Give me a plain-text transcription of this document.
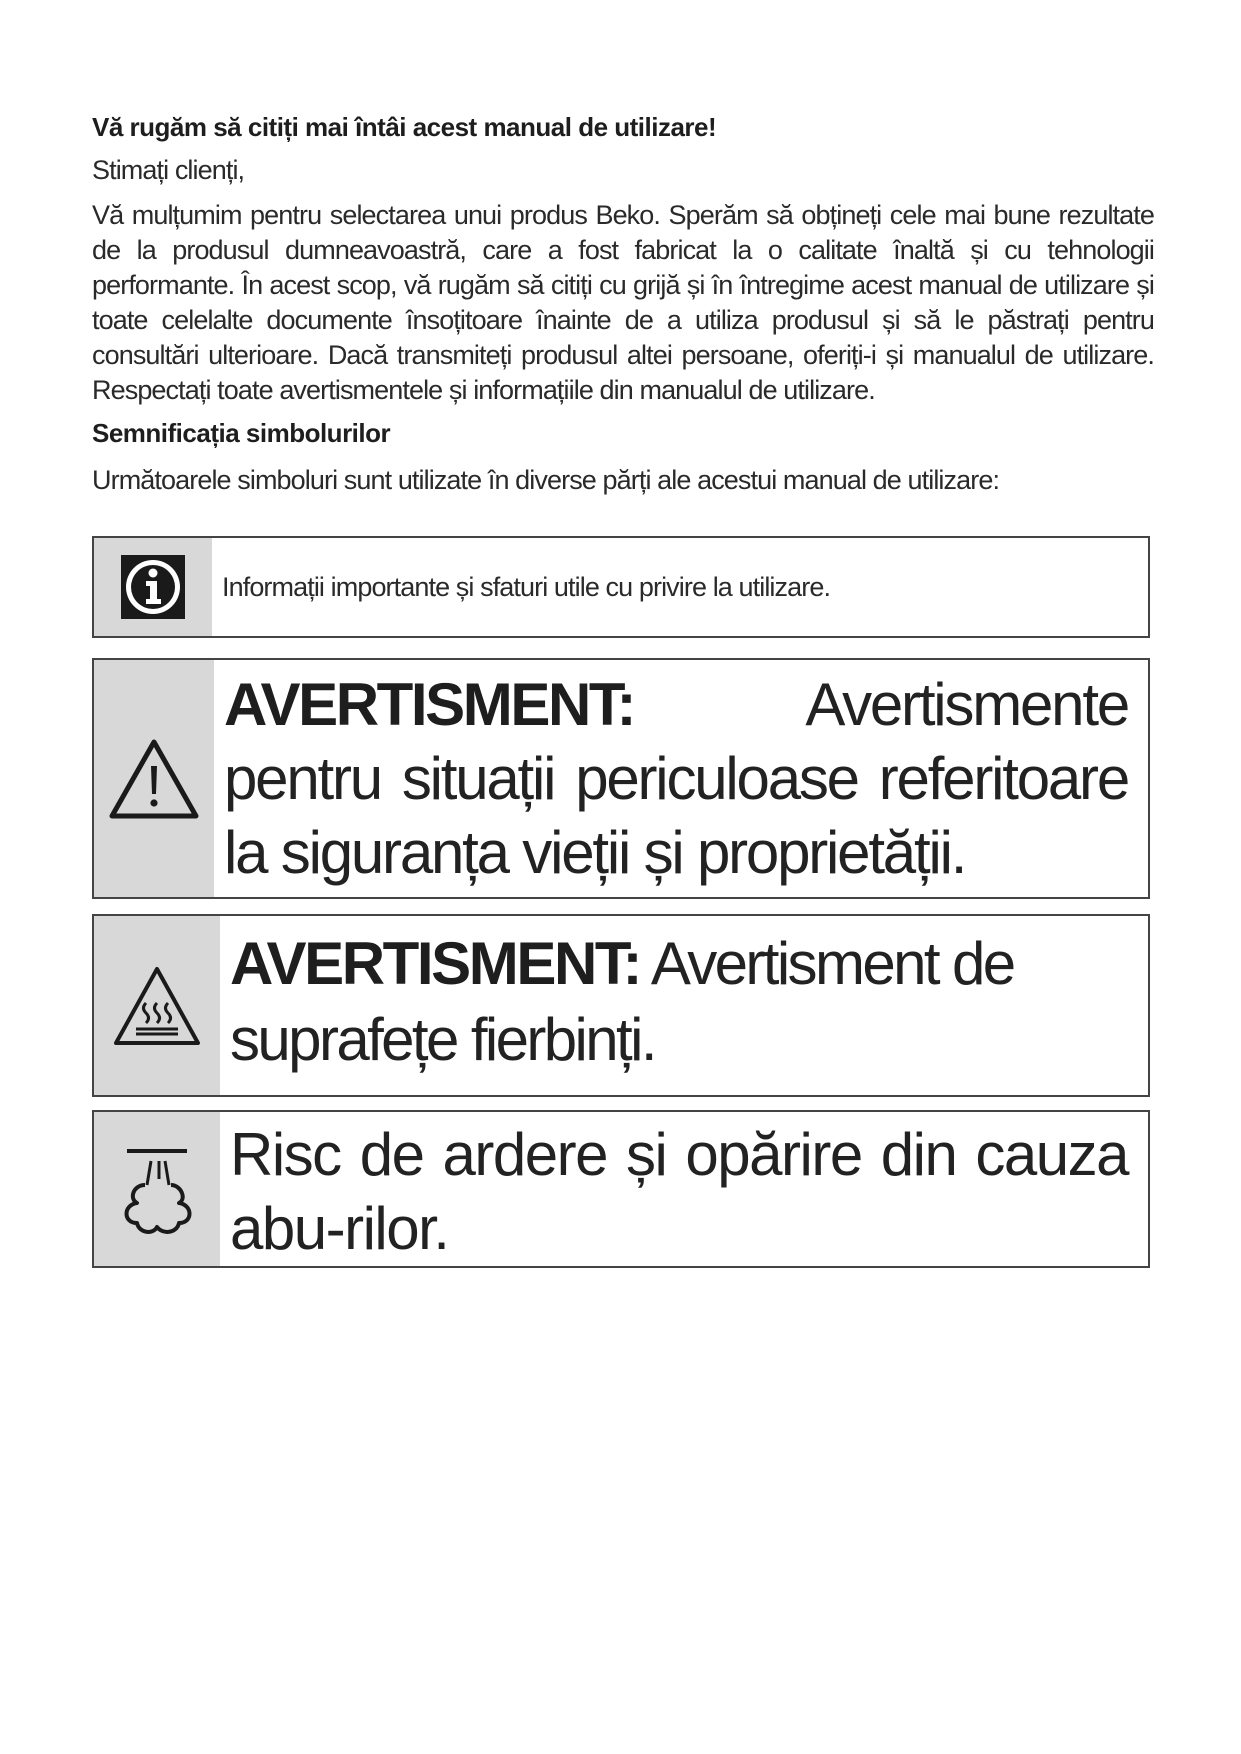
Vă rugăm să citiți mai întâi acest manual de utilizare!
Stimați clienți,
Vă mulțumim pentru selectarea unui produs Beko. Sperăm să obțineți cele mai bune rezultate de la produsul dumneavoastră, care a fost fabricat la o calitate înaltă și cu tehnologii performante. În acest scop, vă rugăm să citiți cu grijă și în întregime acest manual de utilizare și toate celelalte documente însoțitoare înainte de a utiliza produsul și să le păstrați pentru consultări ulterioare. Dacă transmiteți produsul altei persoane, oferiți-i și manualul de utilizare. Respectați toate avertismentele și informațiile din manualul de utilizare.
Semnificația simbolurilor
Următoarele simboluri sunt utilizate în diverse părți ale acestui manual de utilizare:
Informații importante și sfaturi utile cu privire la utilizare.
AVERTISMENT:	Avertismente pentru situații periculoase referitoare la siguranța vieții și proprietății.
AVERTISMENT: Avertisment de suprafețe fierbinți.
Risc de ardere și opărire din cauza abu-rilor.
